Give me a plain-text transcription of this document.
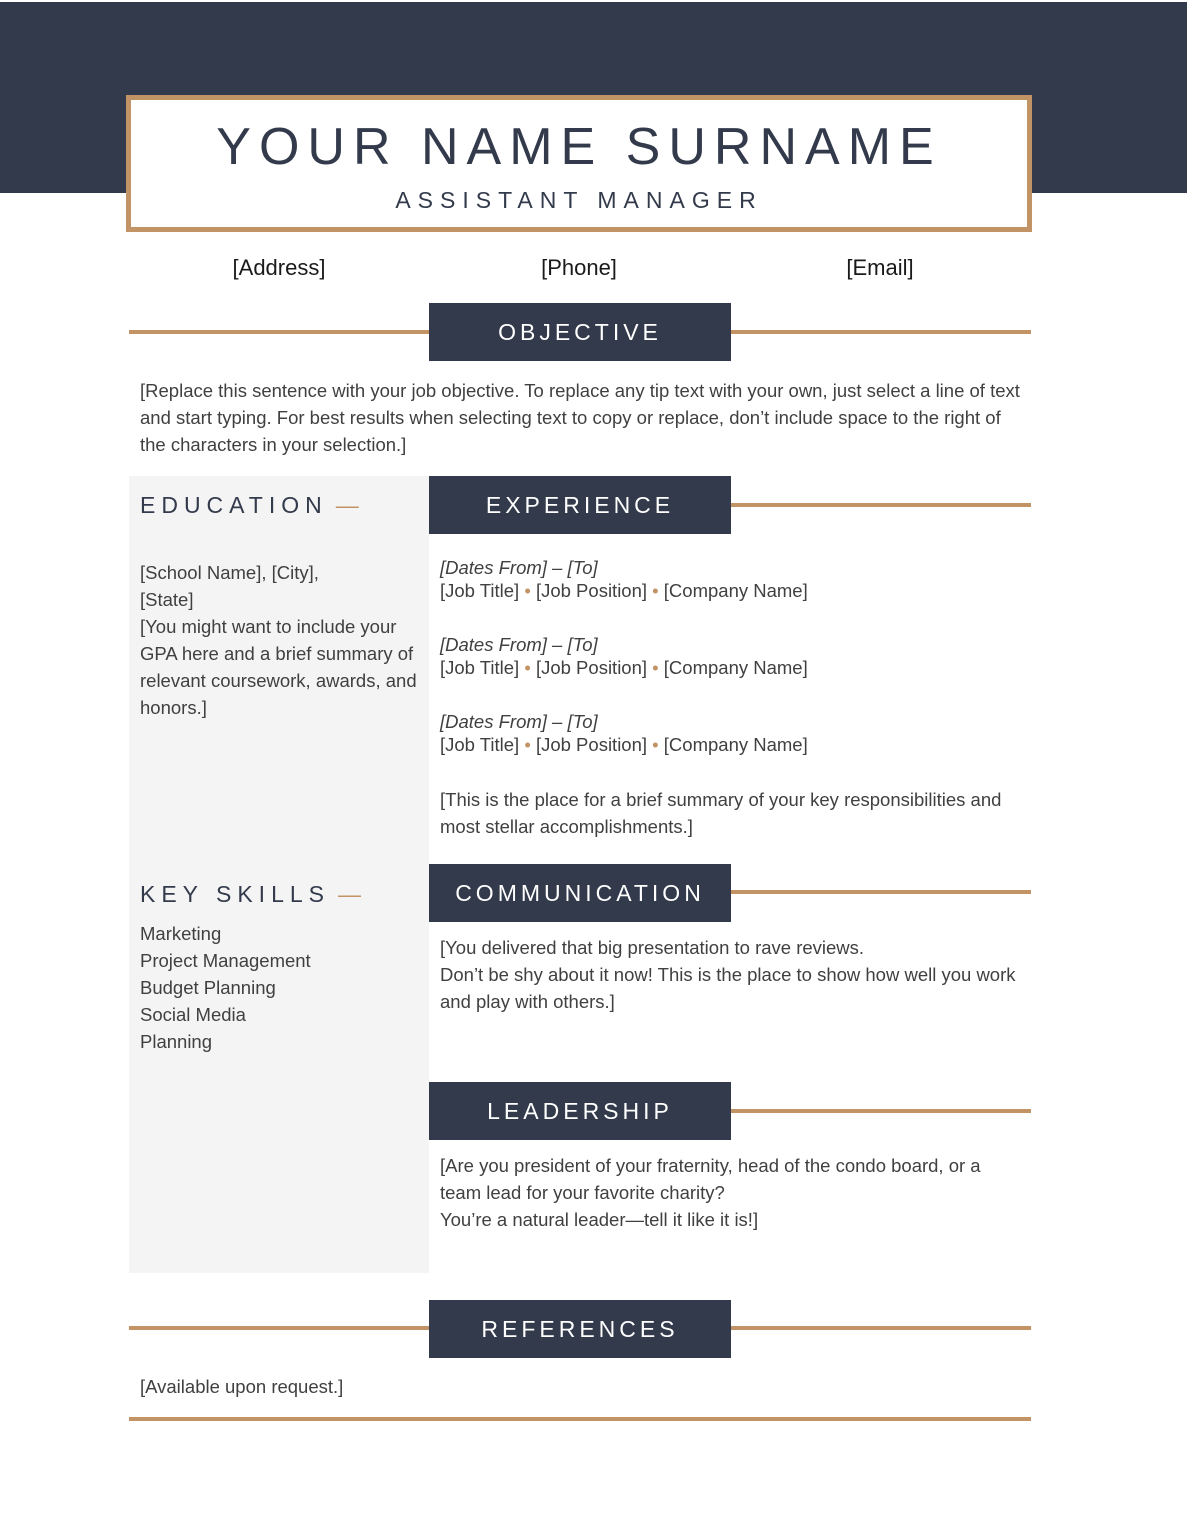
YOUR NAME SURNAME
ASSISTANT MANAGER
[Address]	[Phone]	[Email]
OBJECTIVE
[Replace this sentence with your job objective. To replace any tip text with your own, just select a line of text and start typing. For best results when selecting text to copy or replace, don’t include space to the right of the characters in your selection.]
EDUCATION —
[School Name], [City], [State]
[You might want to include your GPA here and a brief summary of relevant coursework, awards, and honors.]
EXPERIENCE
[Dates From] – [To]
[Job Title] • [Job Position] • [Company Name]
[Dates From] – [To]
[Job Title] • [Job Position] • [Company Name]
[Dates From] – [To]
[Job Title] • [Job Position] • [Company Name]
[This is the place for a brief summary of your key responsibilities and most stellar accomplishments.]
KEY SKILLS —
Marketing
Project Management
Budget Planning
Social Media
Planning
COMMUNICATION
[You delivered that big presentation to rave reviews.
Don’t be shy about it now! This is the place to show how well you work and play with others.]
LEADERSHIP
[Are you president of your fraternity, head of the condo board, or a team lead for your favorite charity?
You’re a natural leader—tell it like it is!]
REFERENCES
[Available upon request.]
